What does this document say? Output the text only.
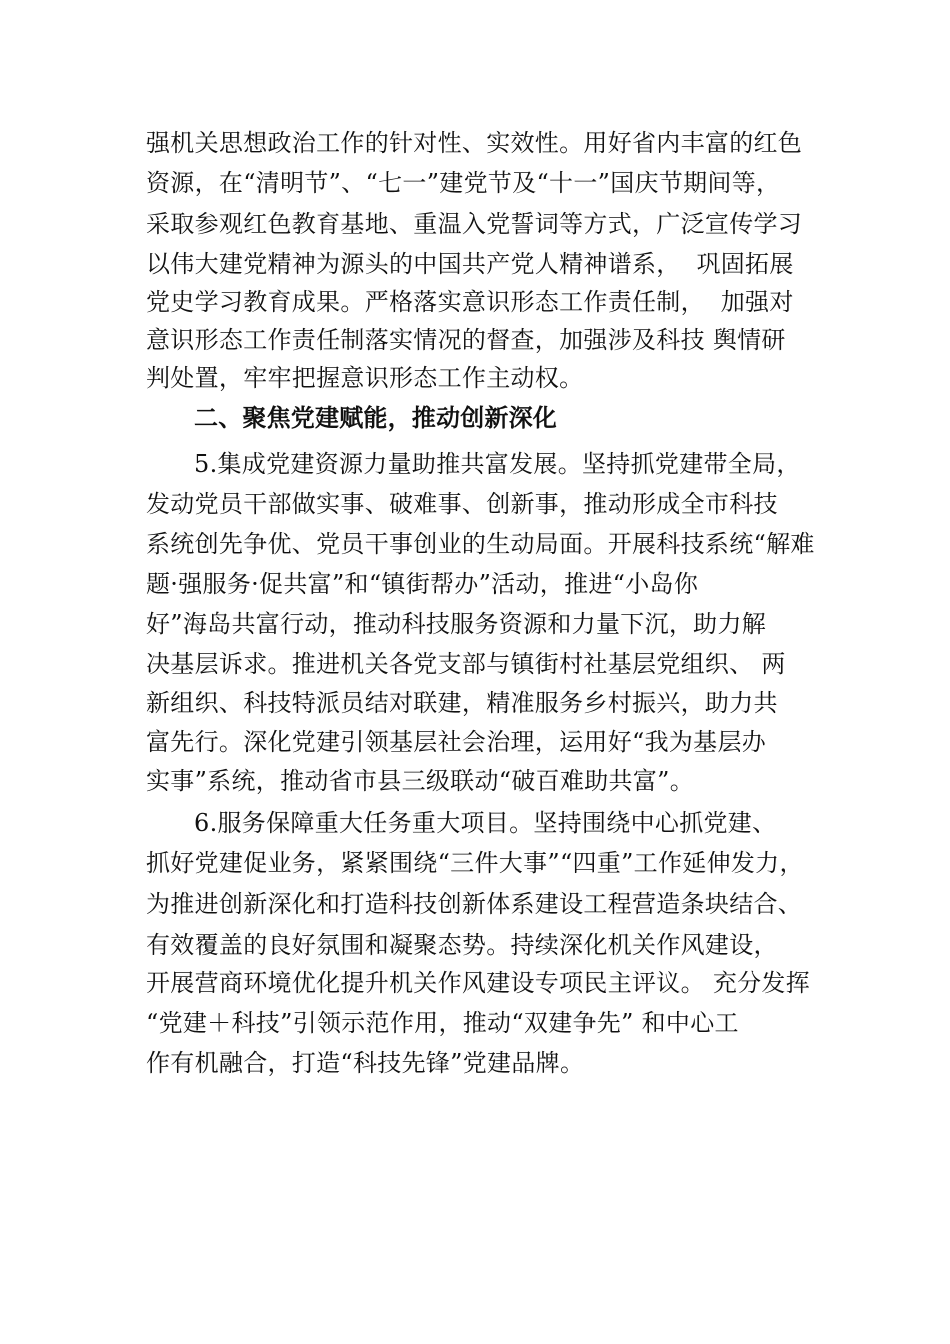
强机关思想政治工作的针对性、实效性。用好省内丰富的红色
资源，在“清明节”、“七一”建党节及“十一”国庆节期间等，
采取参观红色教育基地、重温入党誓词等方式，广泛宣传学习
以伟大建党精神为源头的中国共产党人精神谱系，  巩固拓展
党史学习教育成果。严格落实意识形态工作责任制，  加强对
意识形态工作责任制落实情况的督查，加强涉及科技 舆情研
判处置，牢牢把握意识形态工作主动权。
二、聚焦党建赋能，推动创新深化
5.集成党建资源力量助推共富发展。坚持抓党建带全局，
发动党员干部做实事、破难事、创新事，推动形成全市科技
系统创先争优、党员干事创业的生动局面。开展科技系统“解难
题·强服务·促共富”和“镇街帮办”活动，推进“小岛你
好”海岛共富行动，推动科技服务资源和力量下沉，助力解
决基层诉求。推进机关各党支部与镇街村社基层党组织、 两
新组织、科技特派员结对联建，精准服务乡村振兴，助力共
富先行。深化党建引领基层社会治理，运用好“我为基层办
实事”系统，推动省市县三级联动“破百难助共富”。
6.服务保障重大任务重大项目。坚持围绕中心抓党建、
抓好党建促业务，紧紧围绕“三件大事”“四重”工作延伸发力，
为推进创新深化和打造科技创新体系建设工程营造条块结合、
有效覆盖的良好氛围和凝聚态势。持续深化机关作风建设，
开展营商环境优化提升机关作风建设专项民主评议。 充分发挥
“党建＋科技”引领示范作用，推动“双建争先” 和中心工
作有机融合，打造“科技先锋”党建品牌。
